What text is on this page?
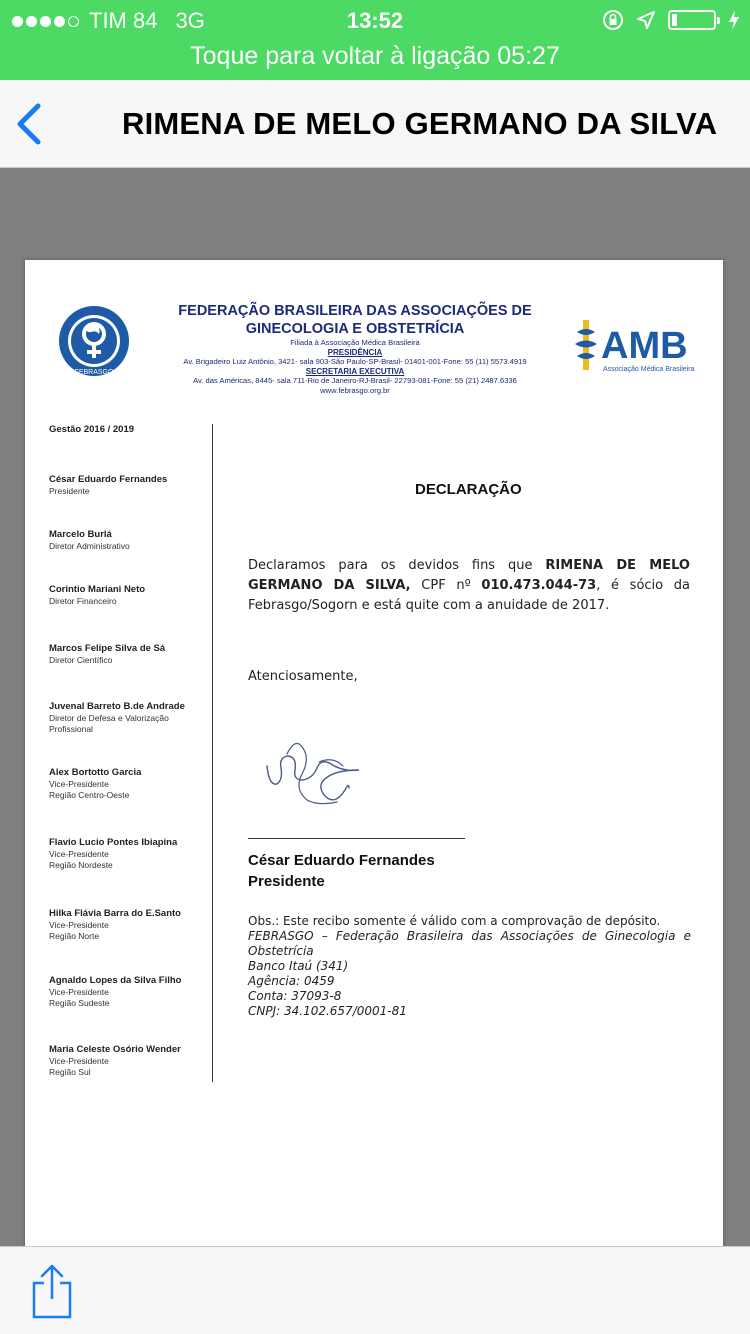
TIM 84 3G	13:52
Toque para voltar à ligação 05:27
RIMENA DE MELO GERMANO DA SILVA
FEBRASGO
FEDERAÇÃO BRASILEIRA DAS ASSOCIAÇÕES DE
GINECOLOGIA E OBSTETRÍCIA
Filiada à Associação Médica Brasileira
PRESIDÊNCIA
Av. Brigadeiro Luiz Antônio, 3421- sala 903-São Paulo-SP-Brasil- 01401-001-Fone: 55 (11) 5573.4919
SECRETARIA EXECUTIVA
Av. das Américas, 8445- sala 711-Rio de Janeiro-RJ-Brasil- 22793-081-Fone: 55 (21) 2487.6336
www.febrasgo.org.br
AMB
Associação Médica Brasileira
Gestão 2016 / 2019
César Eduardo Fernandes
Presidente
Marcelo Burlá
Diretor Administrativo
Corintio Mariani Neto
Diretor Financeiro
Marcos Felipe Silva de Sá
Diretor Científico
Juvenal Barreto B.de Andrade
Diretor de Defesa e Valorização
Profissional
Alex Bortotto Garcia
Vice-Presidente
Região Centro-Oeste
Flavio Lucio Pontes Ibiapina
Vice-Presidente
Região Nordeste
Hilka Flávia Barra do E.Santo
Vice-Presidente
Região Norte
Agnaldo Lopes da Silva Filho
Vice-Presidente
Região Sudeste
Maria Celeste Osório Wender
Vice-Presidente
Região Sul
DECLARAÇÃO
Declaramos para os devidos fins que RIMENA DE MELO GERMANO DA SILVA, CPF nº 010.473.044-73, é sócio da Febrasgo/Sogorn e está quite com a anuidade de 2017.
Atenciosamente,
César Eduardo Fernandes
Presidente
Obs.: Este recibo somente é válido com a comprovação de depósito.
FEBRASGO – Federação Brasileira das Associações de Ginecologia e Obstetrícia
Banco Itaú (341)
Agência: 0459
Conta: 37093-8
CNPJ: 34.102.657/0001-81
